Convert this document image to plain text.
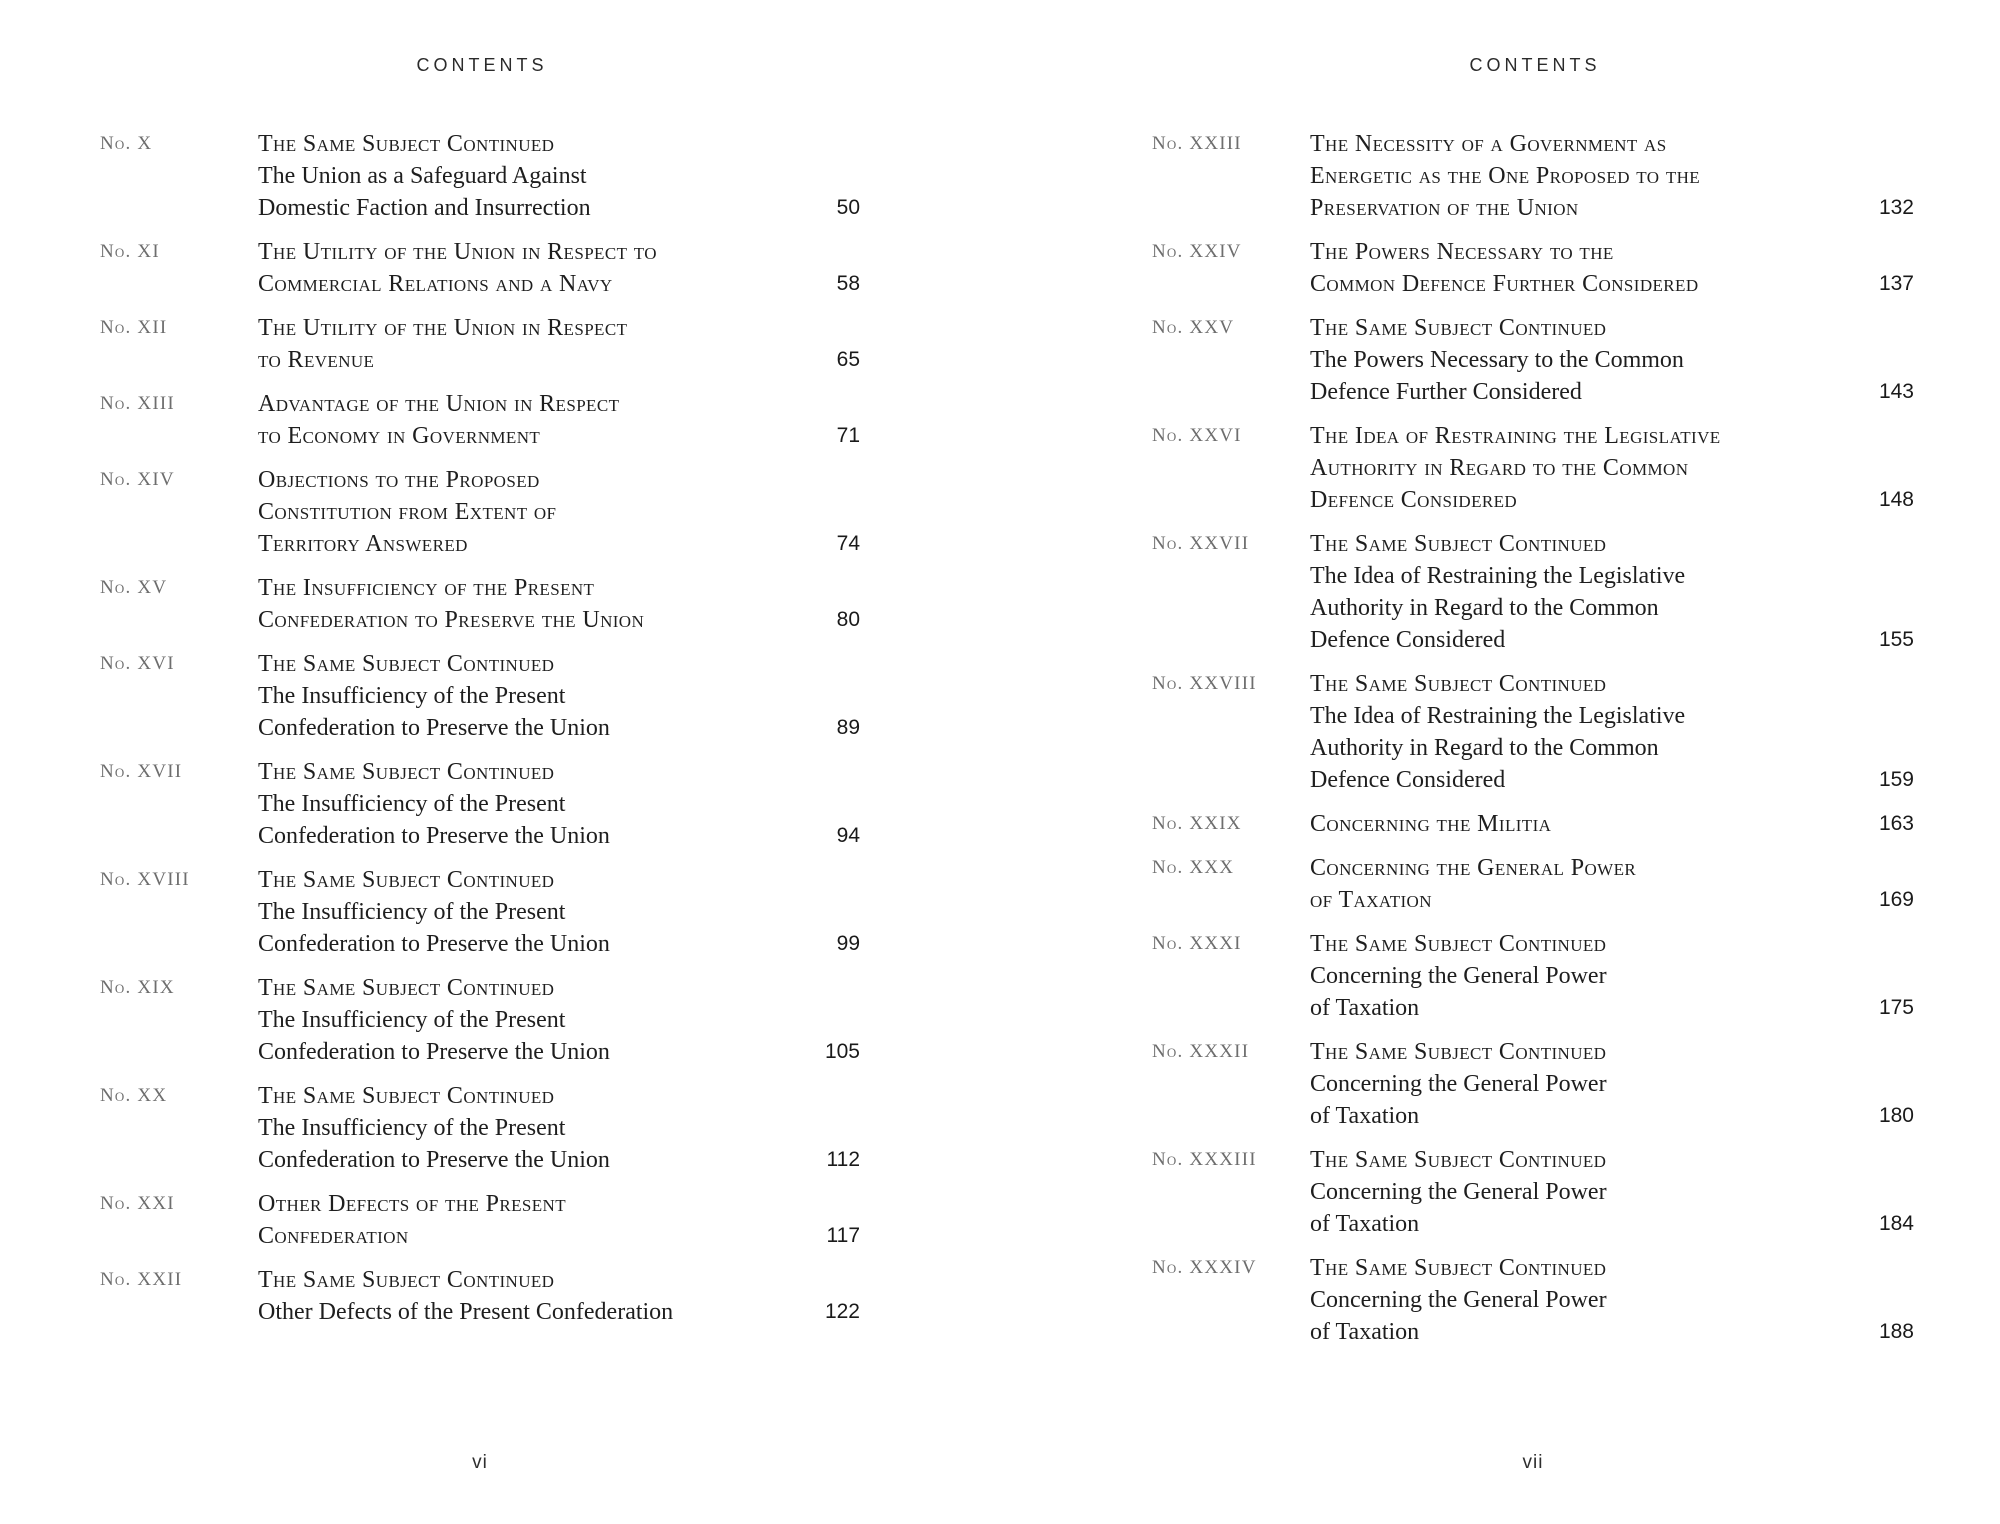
CONTENTS
No. X	The Same Subject Continued
The Union as a Safeguard Against
Domestic Faction and Insurrection	50
No. XI	The Utility of the Union in Respect to
Commercial Relations and a Navy	58
No. XII	The Utility of the Union in Respect
to Revenue	65
No. XIII	Advantage of the Union in Respect
to Economy in Government	71
No. XIV	Objections to the Proposed
Constitution from Extent of
Territory Answered	74
No. XV	The Insufficiency of the Present
Confederation to Preserve the Union	80
No. XVI	The Same Subject Continued
The Insufficiency of the Present
Confederation to Preserve the Union	89
No. XVII	The Same Subject Continued
The Insufficiency of the Present
Confederation to Preserve the Union	94
No. XVIII	The Same Subject Continued
The Insufficiency of the Present
Confederation to Preserve the Union	99
No. XIX	The Same Subject Continued
The Insufficiency of the Present
Confederation to Preserve the Union	105
No. XX	The Same Subject Continued
The Insufficiency of the Present
Confederation to Preserve the Union	112
No. XXI	Other Defects of the Present
Confederation	117
No. XXII	The Same Subject Continued
Other Defects of the Present Confederation	122
vi
CONTENTS
No. XXIII	The Necessity of a Government as
Energetic as the One Proposed to the
Preservation of the Union	132
No. XXIV	The Powers Necessary to the
Common Defence Further Considered	137
No. XXV	The Same Subject Continued
The Powers Necessary to the Common
Defence Further Considered	143
No. XXVI	The Idea of Restraining the Legislative
Authority in Regard to the Common
Defence Considered	148
No. XXVII	The Same Subject Continued
The Idea of Restraining the Legislative
Authority in Regard to the Common
Defence Considered	155
No. XXVIII	The Same Subject Continued
The Idea of Restraining the Legislative
Authority in Regard to the Common
Defence Considered	159
No. XXIX	Concerning the Militia	163
No. XXX	Concerning the General Power
of Taxation	169
No. XXXI	The Same Subject Continued
Concerning the General Power
of Taxation	175
No. XXXII	The Same Subject Continued
Concerning the General Power
of Taxation	180
No. XXXIII	The Same Subject Continued
Concerning the General Power
of Taxation	184
No. XXXIV	The Same Subject Continued
Concerning the General Power
of Taxation	188
vii
